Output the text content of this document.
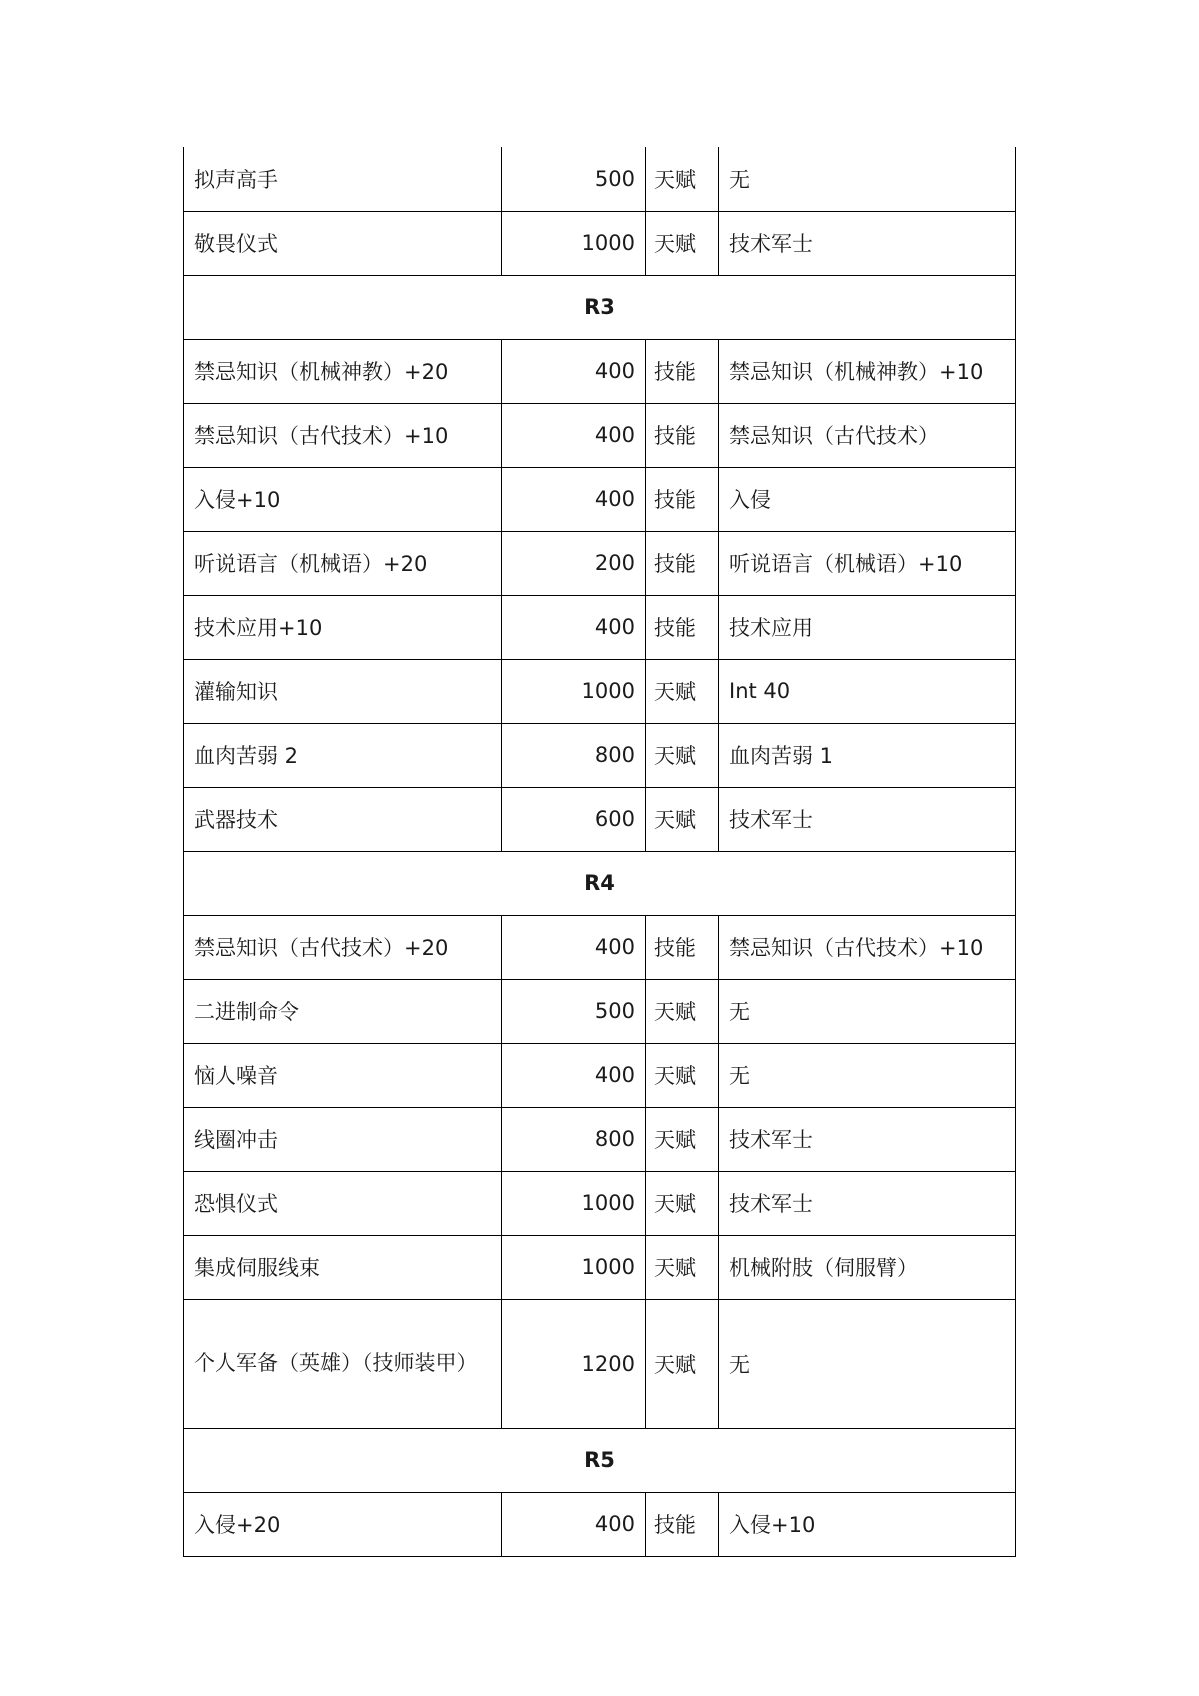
拟声高手	500	天赋	无
敬畏仪式	1000	天赋	技术军士
R3			
禁忌知识（机械神教）+20	400	技能	禁忌知识（机械神教）+10
禁忌知识（古代技术）+10	400	技能	禁忌知识（古代技术）
入侵+10	400	技能	入侵
听说语言（机械语）+20	200	技能	听说语言（机械语）+10
技术应用+10	400	技能	技术应用
灌输知识	1000	天赋	Int 40
血肉苦弱 2	800	天赋	血肉苦弱 1
武器技术	600	天赋	技术军士
R4			
禁忌知识（古代技术）+20	400	技能	禁忌知识（古代技术）+10
二进制命令	500	天赋	无
恼人噪音	400	天赋	无
线圈冲击	800	天赋	技术军士
恐惧仪式	1000	天赋	技术军士
集成伺服线束	1000	天赋	机械附肢（伺服臂）
个人军备（英雄）（技师装甲）	1200	天赋	无
R5			
入侵+20	400	技能	入侵+10
